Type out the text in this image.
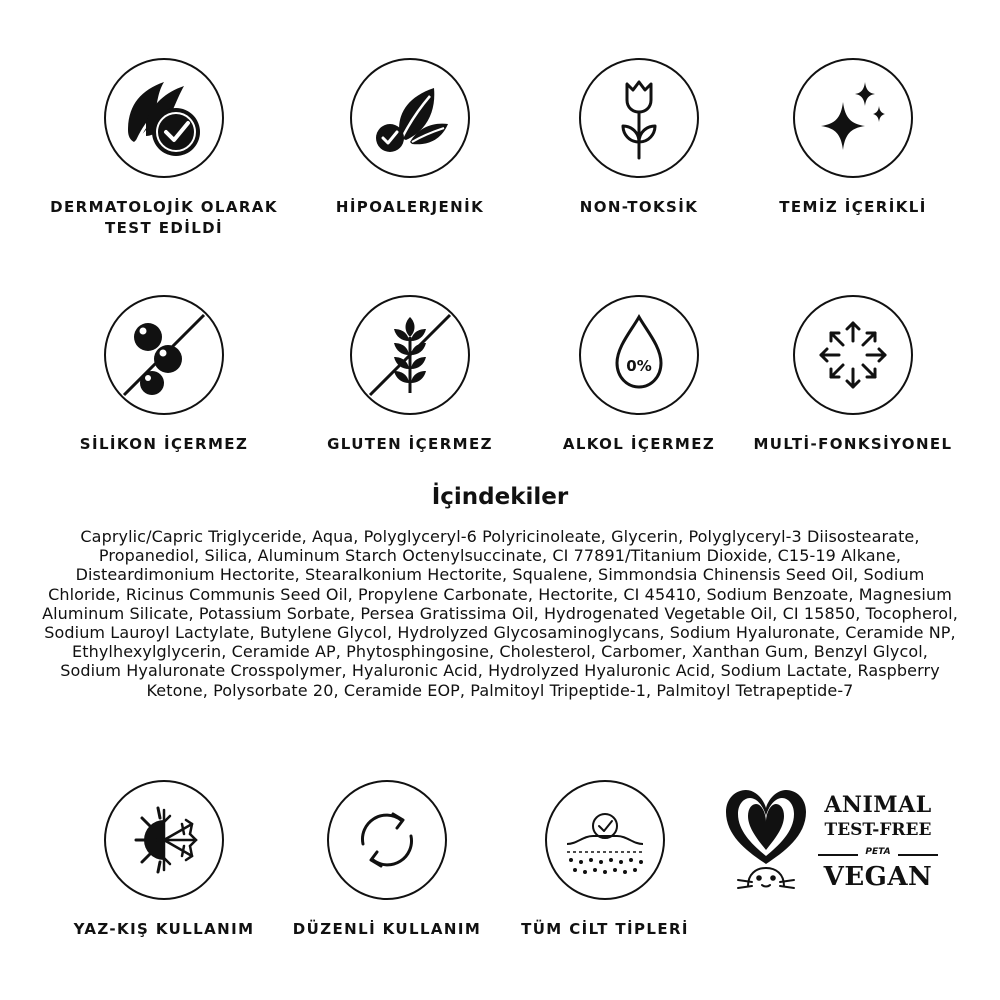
DERMATOLOJİK OLARAK
TEST EDİLDİ
HİPOALERJENİK	NON-TOKSİK	TEMİZ İÇERİKLİ
SİLİKON İÇERMEZ	GLUTEN İÇERMEZ
0%
ALKOL İÇERMEZ	MULTİ-FONKSİYONEL
İçindekiler
Caprylic/Capric Triglyceride, Aqua, Polyglyceryl-6 Polyricinoleate, Glycerin, Polyglyceryl-3 Diisostearate, Propanediol, Silica, Aluminum Starch Octenylsuccinate, CI 77891/Titanium Dioxide, C15-19 Alkane, Disteardimonium Hectorite, Stearalkonium Hectorite, Squalene, Simmondsia Chinensis Seed Oil, Sodium Chloride, Ricinus Communis Seed Oil, Propylene Carbonate, Hectorite, CI 45410, Sodium Benzoate, Magnesium Aluminum Silicate, Potassium Sorbate, Persea Gratissima Oil, Hydrogenated Vegetable Oil, CI 15850, Tocopherol, Sodium Lauroyl Lactylate, Butylene Glycol, Hydrolyzed Glycosaminoglycans, Sodium Hyaluronate, Ceramide NP, Ethylhexylglycerin, Ceramide AP, Phytosphingosine, Cholesterol, Carbomer, Xanthan Gum, Benzyl Glycol, Sodium Hyaluronate Crosspolymer, Hyaluronic Acid, Hydrolyzed Hyaluronic Acid, Sodium Lactate, Raspberry Ketone, Polysorbate 20, Ceramide EOP, Palmitoyl Tripeptide-1, Palmitoyl Tetrapeptide-7
YAZ-KIŞ KULLANIM	DÜZENLİ KULLANIM	TÜM CİLT TİPLERİ
ANIMAL
TEST-FREE
PETA
VEGAN
